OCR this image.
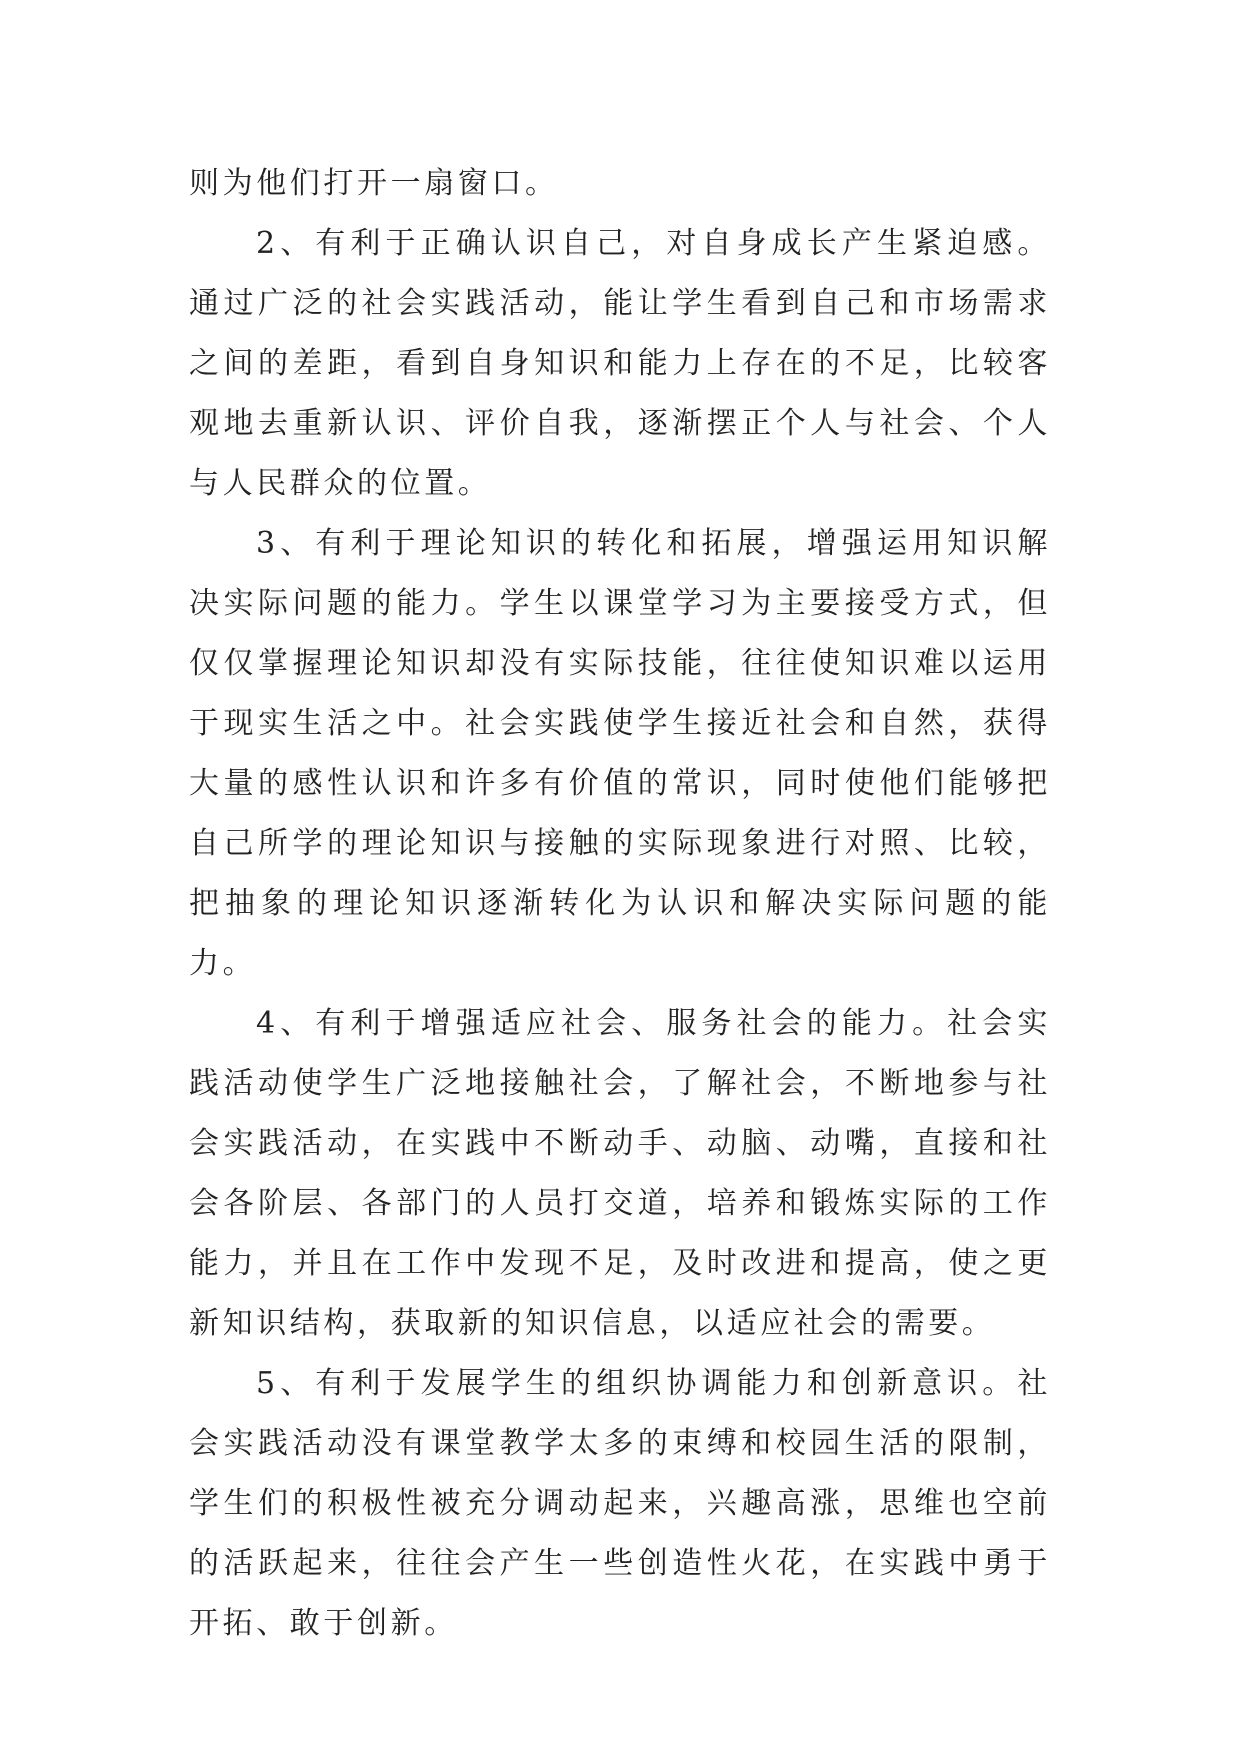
则为他们打开一扇窗口。

2、有利于正确认识自己，对自身成长产生紧迫感。通过广泛的社会实践活动，能让学生看到自己和市场需求之间的差距，看到自身知识和能力上存在的不足，比较客观地去重新认识、评价自我，逐渐摆正个人与社会、个人与人民群众的位置。

3、有利于理论知识的转化和拓展，增强运用知识解决实际问题的能力。学生以课堂学习为主要接受方式，但仅仅掌握理论知识却没有实际技能，往往使知识难以运用于现实生活之中。社会实践使学生接近社会和自然，获得大量的感性认识和许多有价值的常识，同时使他们能够把自己所学的理论知识与接触的实际现象进行对照、比较，把抽象的理论知识逐渐转化为认识和解决实际问题的能力。

4、有利于增强适应社会、服务社会的能力。社会实践活动使学生广泛地接触社会，了解社会，不断地参与社会实践活动，在实践中不断动手、动脑、动嘴，直接和社会各阶层、各部门的人员打交道，培养和锻炼实际的工作能力，并且在工作中发现不足，及时改进和提高，使之更新知识结构，获取新的知识信息，以适应社会的需要。

5、有利于发展学生的组织协调能力和创新意识。社会实践活动没有课堂教学太多的束缚和校园生活的限制，学生们的积极性被充分调动起来，兴趣高涨，思维也空前的活跃起来，往往会产生一些创造性火花，在实践中勇于开拓、敢于创新。
